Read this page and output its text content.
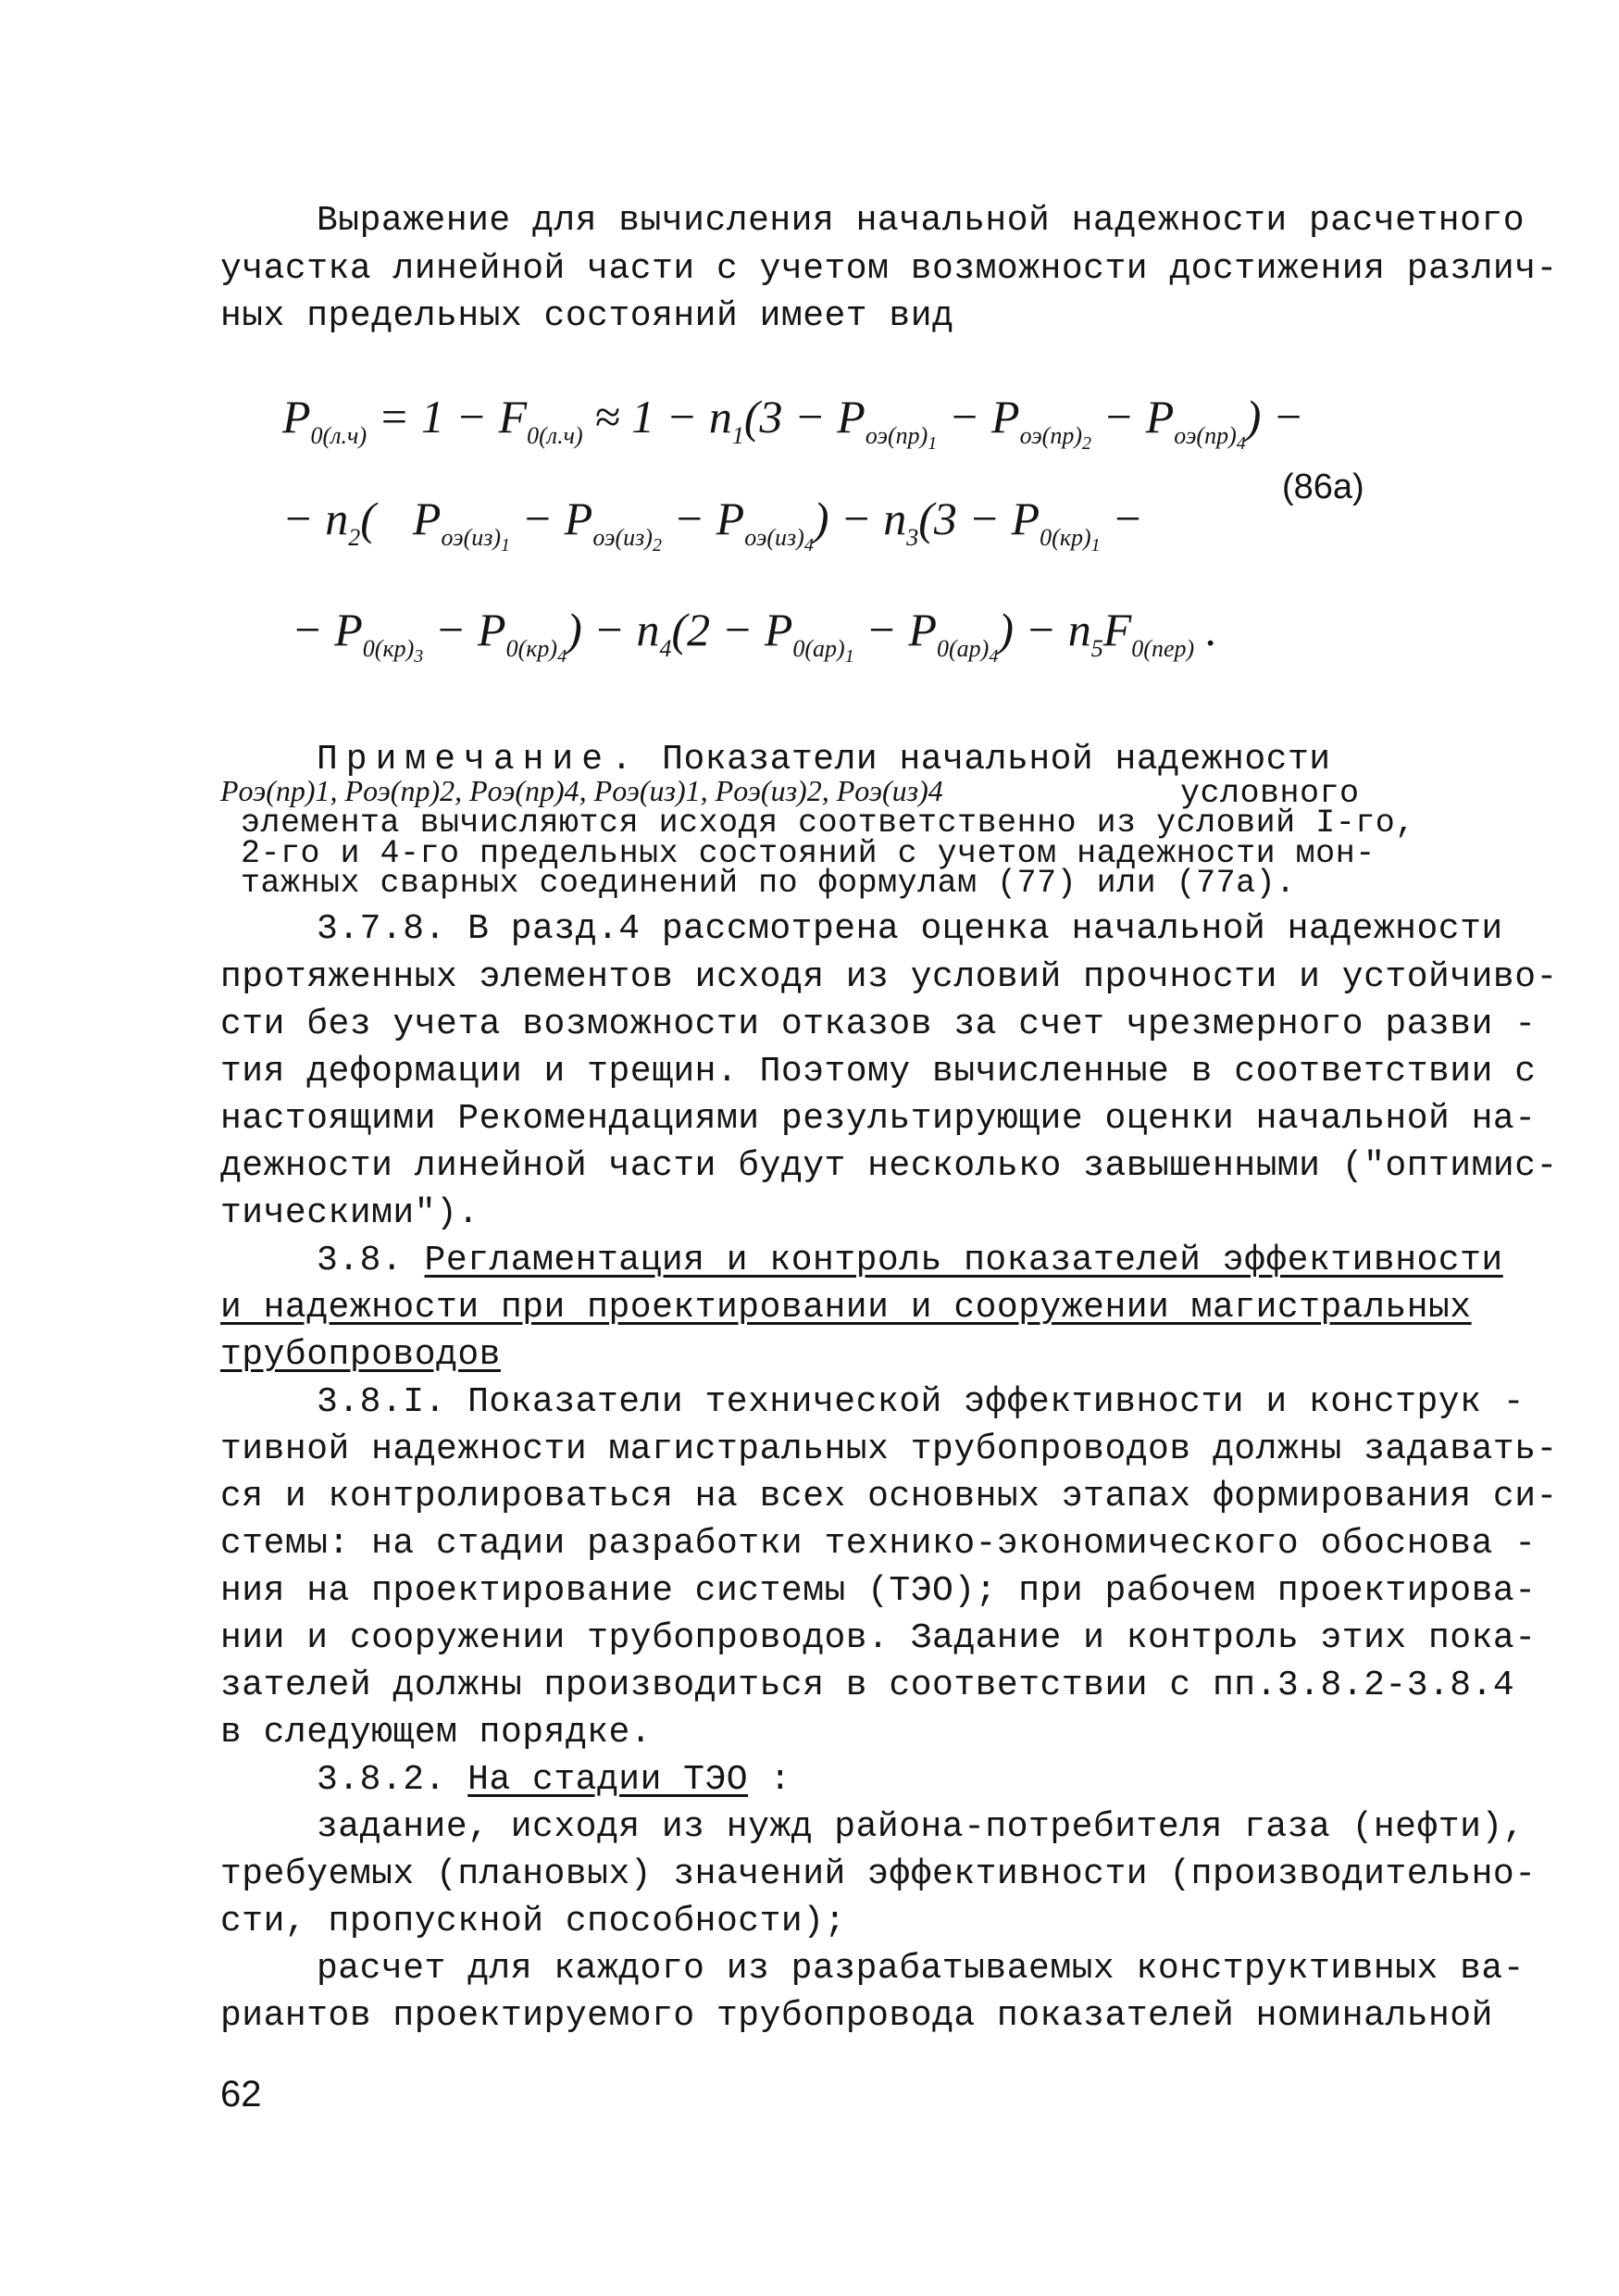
Выражение для вычисления начальной надежности расчетного
участка линейной части с учетом возможности достижения различ-
ных предельных состояний имеет вид
$P_{0(л.ч)} = 1 - F_{0(л.ч)} \approx 1 - n_1(3 - P_{оэ(пр)_1} - P_{оэ(пр)_2} - P_{оэ(пр)_4})$ −
(86а)
− $n_2$( $P_{оэ(из)_1} - P_{оэ(из)_2} - P_{оэ(из)_4}) - n_3(3 - P_{0(кр)_1}$ −
− $P_{0(кр)_3} - P_{0(кр)_4}) - n_4(2 - P_{0(ар)_1} - P_{0(ар)_4}) - n_5F_{0(пер)}$ .
Примечание. Показатели начальной надежности
Pоэ(пр)1, Pоэ(пр)2, Pоэ(пр)4, Pоэ(из)1, Pоэ(из)2, Pоэ(из)4	условного
элемента вычисляются исходя соответственно из условий I-го,
2-го и 4-го предельных состояний с учетом надежности мон-
тажных сварных соединений по формулам (77) или (77а).
3.7.8. В разд.4 рассмотрена оценка начальной надежности
протяженных элементов исходя из условий прочности и устойчиво-
сти без учета возможности отказов за счет чрезмерного разви -
тия деформации и трещин. Поэтому вычисленные в соответствии с
настоящими Рекомендациями результирующие оценки начальной на-
дежности линейной части будут несколько завышенными ("оптимис-
тическими").
3.8. Регламентация и контроль показателей эффективности
и надежности при проектировании и сооружении магистральных
трубопроводов
3.8.I. Показатели технической эффективности и конструк -
тивной надежности магистральных трубопроводов должны задавать-
ся и контролироваться на всех основных этапах формирования си-
стемы: на стадии разработки технико-экономического обоснова -
ния на проектирование системы (ТЭО); при рабочем проектирова-
нии и сооружении трубопроводов. Задание и контроль этих пока-
зателей должны производиться в соответствии с пп.3.8.2-3.8.4
в следующем порядке.
3.8.2. На стадии ТЭО :
задание, исходя из нужд района-потребителя газа (нефти),
требуемых (плановых) значений эффективности (производительно-
сти, пропускной способности);
расчет для каждого из разрабатываемых конструктивных ва-
риантов проектируемого трубопровода показателей номинальной
62
